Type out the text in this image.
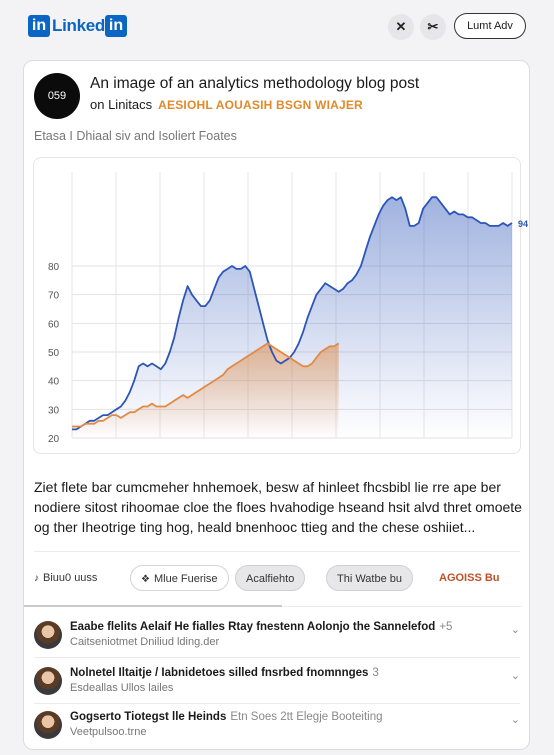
in Linked in	✕	✂	Lumt Adv
059
An image of an analytics methodology blog post
on Linitacs AESIOHL AOUASIH BSGN WIAJER
Etasa I Dhiaal siv and Isoliert Foates
20
30
40
50
60
70
80
94
Ziet flete bar cumcmeher hnhemoek, besw af hinleet fhcsbibl lie rre ape ber nodiere sitost rihoomae cloe the floes hvahodige hseand hsit alvd thret omoete og ther Iheotrige ting hog, heald bnenhooc ttieg and the chese oshiiet...
♪ Biuu0 uuss	❖ Mlue Fuerise	Acalfiehto	Thi Watbe bu	AGOISS Bu
Eaabe flelits Aelaif He fialles Rtay fnestenn Aolonjo the Sannelefod +5
Caitseniotmet Dniliud lding.der
⌄
Nolnetel Iltaitje / Iabnidetoes silled fnsrbed fnomnnges 3
Esdeallas Ullos lailes
⌄
Gogserto Tiotegst lle Heinds Etn Soes 2tt Elegje Booteiting
Veetpulsoo.trne
⌄
